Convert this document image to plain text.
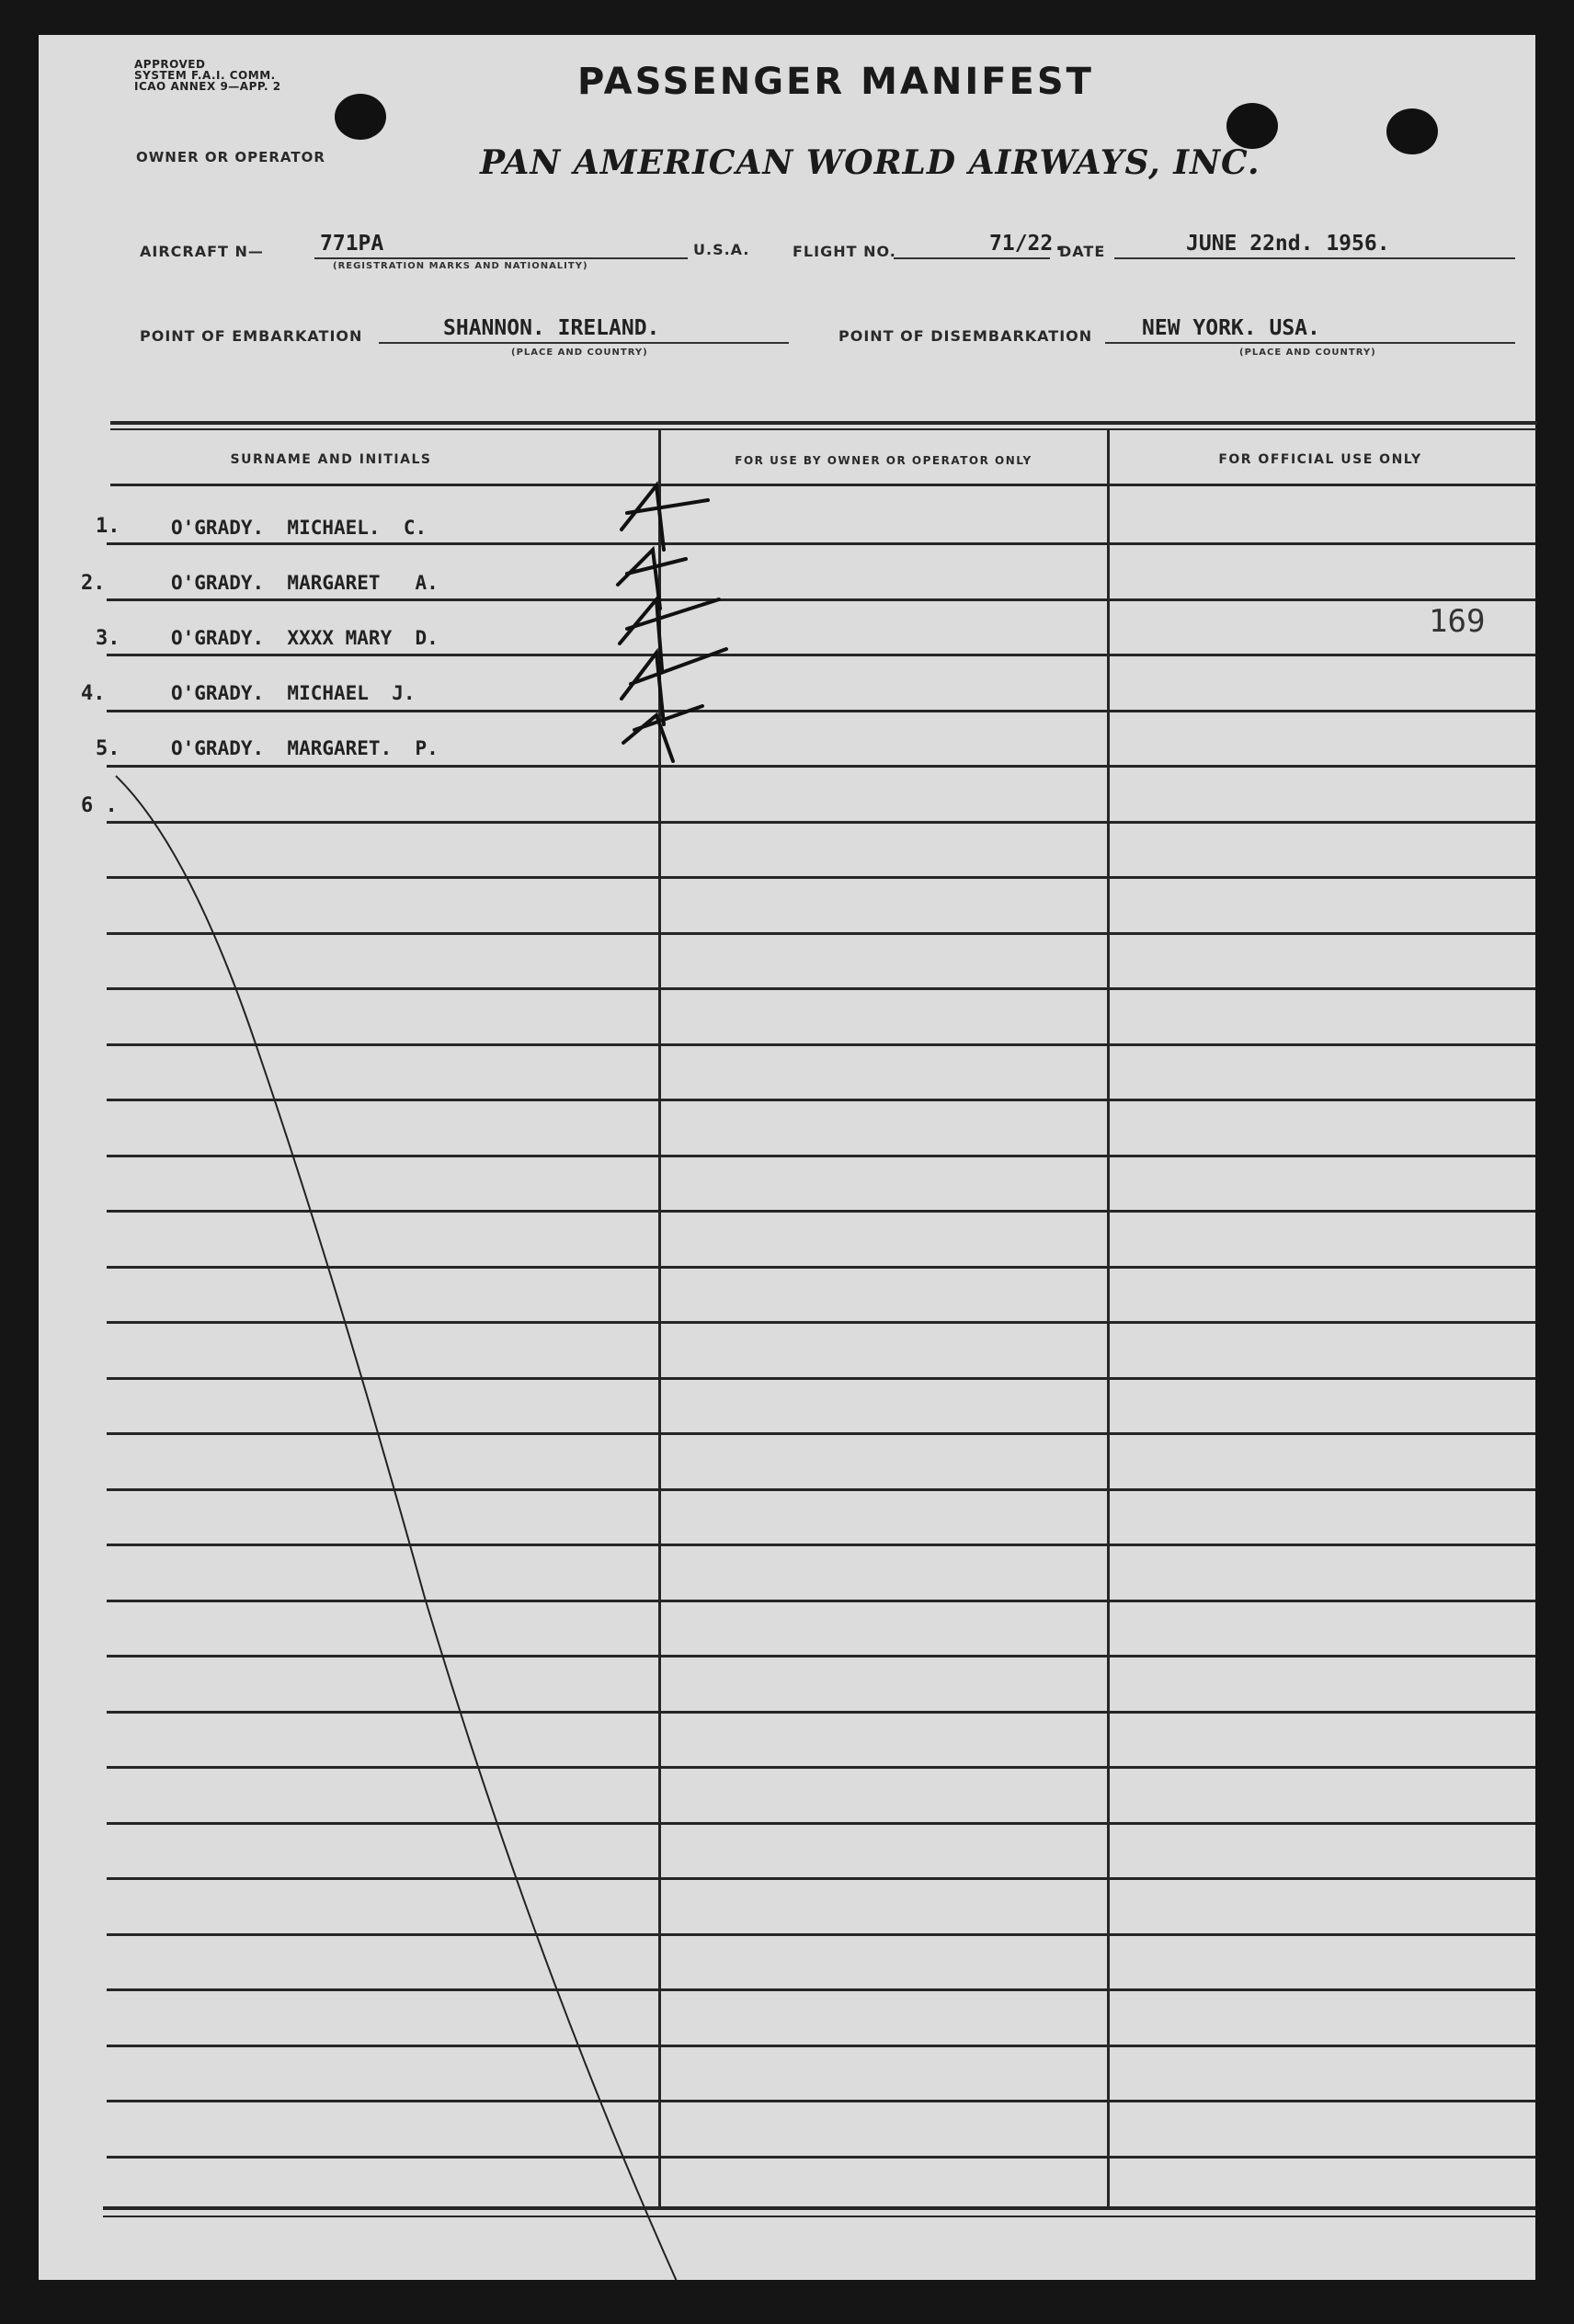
APPROVED
SYSTEM F.A.I. COMM.
ICAO ANNEX 9—APP. 2	PASSENGER MANIFEST
OWNER OR OPERATOR	PAN AMERICAN WORLD AIRWAYS, INC.
AIRCRAFT N—	771PA
(REGISTRATION MARKS AND NATIONALITY)
U.S.A.	FLIGHT NO.	71/22.
DATE	JUNE 22nd. 1956.
POINT OF EMBARKATION	SHANNON. IRELAND.
(PLACE AND COUNTRY)
POINT OF DISEMBARKATION NEW YORK. USA.
(PLACE AND COUNTRY)
SURNAME AND INITIALS	FOR USE BY OWNER OR OPERATOR ONLY	FOR OFFICIAL USE ONLY
1.	O'GRADY.  MICHAEL.  C.
2.	O'GRADY.  MARGARET   A.
3.	O'GRADY.  XXXX MARY  D.
4.	O'GRADY.  MICHAEL  J.
5.	O'GRADY.  MARGARET.  P.
6 .
169
